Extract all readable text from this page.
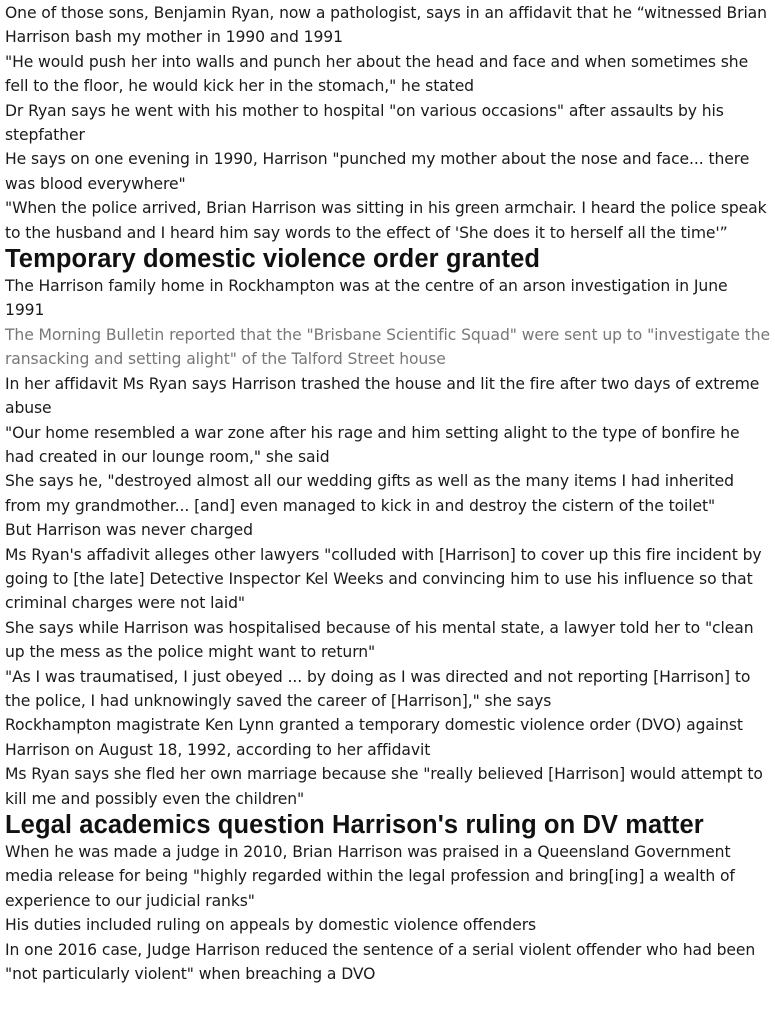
One of those sons, Benjamin Ryan, now a pathologist, says in an affidavit that he “witnessed Brian Harrison bash my mother in 1990 and 1991

"He would push her into walls and punch her about the head and face and when sometimes she fell to the floor, he would kick her in the stomach," he stated

Dr Ryan says he went with his mother to hospital "on various occasions" after assaults by his stepfather

He says on one evening in 1990, Harrison "punched my mother about the nose and face... there was blood everywhere"

"When the police arrived, Brian Harrison was sitting in his green armchair. I heard the police speak to the husband and I heard him say words to the effect of 'She does it to herself all the time'”

Temporary domestic violence order granted

The Harrison family home in Rockhampton was at the centre of an arson investigation in June 1991

The Morning Bulletin reported that the "Brisbane Scientific Squad" were sent up to "investigate the ransacking and setting alight" of the Talford Street house

In her affidavit Ms Ryan says Harrison trashed the house and lit the fire after two days of extreme abuse

"Our home resembled a war zone after his rage and him setting alight to the type of bonfire he had created in our lounge room," she said

She says he, "destroyed almost all our wedding gifts as well as the many items I had inherited from my grandmother... [and] even managed to kick in and destroy the cistern of the toilet"

But Harrison was never charged

Ms Ryan's affadivit alleges other lawyers "colluded with [Harrison] to cover up this fire incident by going to [the late] Detective Inspector Kel Weeks and convincing him to use his influence so that criminal charges were not laid"

She says while Harrison was hospitalised because of his mental state, a lawyer told her to "clean up the mess as the police might want to return"

"As I was traumatised, I just obeyed ... by doing as I was directed and not reporting [Harrison] to the police, I had unknowingly saved the career of [Harrison]," she says

Rockhampton magistrate Ken Lynn granted a temporary domestic violence order (DVO) against Harrison on August 18, 1992, according to her affidavit

Ms Ryan says she fled her own marriage because she "really believed [Harrison] would attempt to kill me and possibly even the children"

Legal academics question Harrison's ruling on DV matter

When he was made a judge in 2010, Brian Harrison was praised in a Queensland Government media release for being "highly regarded within the legal profession and bring[ing] a wealth of experience to our judicial ranks"

His duties included ruling on appeals by domestic violence offenders

In one 2016 case, Judge Harrison reduced the sentence of a serial violent offender who had been "not particularly violent" when breaching a DVO
